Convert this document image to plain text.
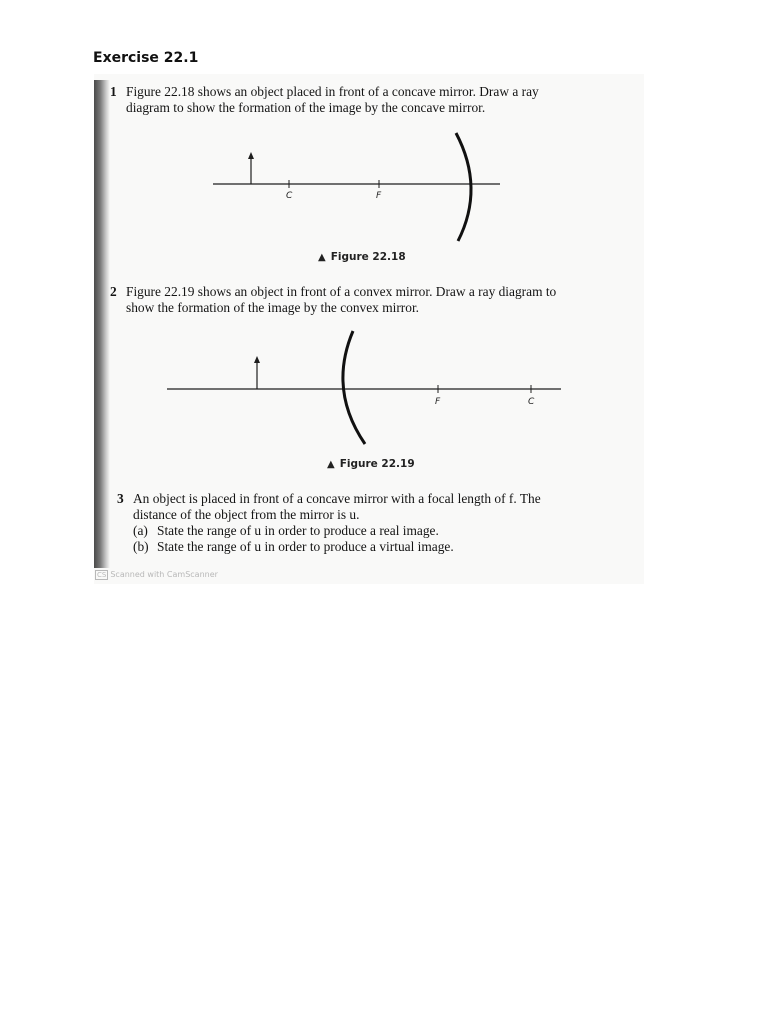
Exercise 22.1
1 Figure 22.18 shows an object placed in front of a concave mirror. Draw a ray
diagram to show the formation of the image by the concave mirror.
C	F
▲ Figure 22.18
2 Figure 22.19 shows an object in front of a convex mirror. Draw a ray diagram to
show the formation of the image by the convex mirror.
F	C
▲ Figure 22.19
3 An object is placed in front of a concave mirror with a focal length of f. The
distance of the object from the mirror is u.
(a) State the range of u in order to produce a real image.
(b) State the range of u in order to produce a virtual image.
CS Scanned with CamScanner
